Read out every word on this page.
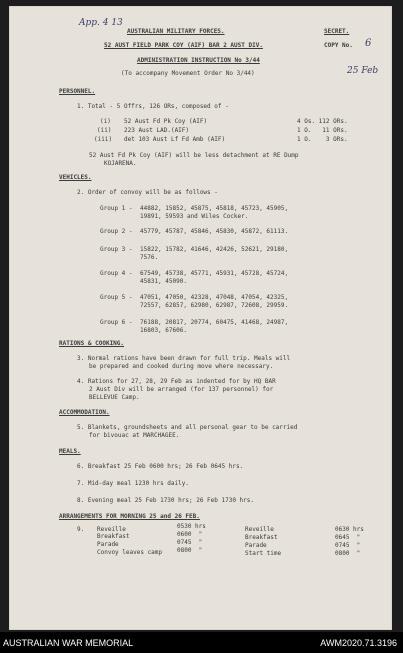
App. 4 13
6
25 Feb
AUSTRALIAN MILITARY FORCES.	SECRET.
52 AUST FIELD PARK COY (AIF) BAR 2 AUST DIV.	COPY No.
ADMINISTRATION INSTRUCTION No 3/44
(To accompany Movement Order No 3/44)
PERSONNEL.
1. Total - 5 Offrs, 126 ORs, composed of -
(i) 52 Aust Fd Pk Coy (AIF)	4 Os. 112 ORs.
(ii) 223 Aust LAD.(AIF)	1 O.   11 ORs.
(iii) det 103 Aust Lf Fd Amb (AIF)	1 O.    3 ORs.
52 Aust Fd Pk Coy (AIF) will be less detachment at RE Dump
KOJARENA.
VEHICLES.
2. Order of convoy will be as follows -
Group 1 - 44882, 15852, 45875, 45818, 45723, 45905,
19891, 59593 and Wiles Cocker.
Group 2 - 45779, 45787, 45846, 45830, 45872, 61113.
Group 3 - 15822, 15782, 41646, 42426, 52621, 29180,
7576.
Group 4 - 67549, 45738, 45771, 45931, 45728, 45724,
45831, 45090.
Group 5 - 47051, 47050, 42328, 47048, 47054, 42325,
72557, 62857, 62980, 62987, 72608, 29959.
Group 6 - 76188, 20817, 20774, 60475, 41468, 24987,
16803, 67606.
RATIONS & COOKING.
3. Normal rations have been drawn for full trip. Meals will
be prepared and cooked during move where necessary.
4. Rations for 27, 28, 29 Feb as indented for by HQ BAR
2 Aust Div will be arranged (for 137 personnel) for
BELLEVUE Camp.
ACCOMMODATION.
5. Blankets, groundsheets and all personal gear to be carried
for bivouac at MARCHAGEE.
MEALS.
6. Breakfast 25 Feb 0600 hrs; 26 Feb 0645 hrs.
7. Mid-day meal 1230 hrs daily.
8. Evening meal 25 Feb 1730 hrs; 26 Feb 1730 hrs.
ARRANGEMENTS FOR MORNING 25 and 26 FEB.
9. Reveille	0530 hrs
Breakfast	0600  "
Parade	0745  "
Convoy leaves camp 0800  "
Reveille	0630 hrs
Breakfast	0645  "
Parade	0745  "
Start time	0800  "
AUSTRALIAN WAR MEMORIAL	AWM2020.71.3196
